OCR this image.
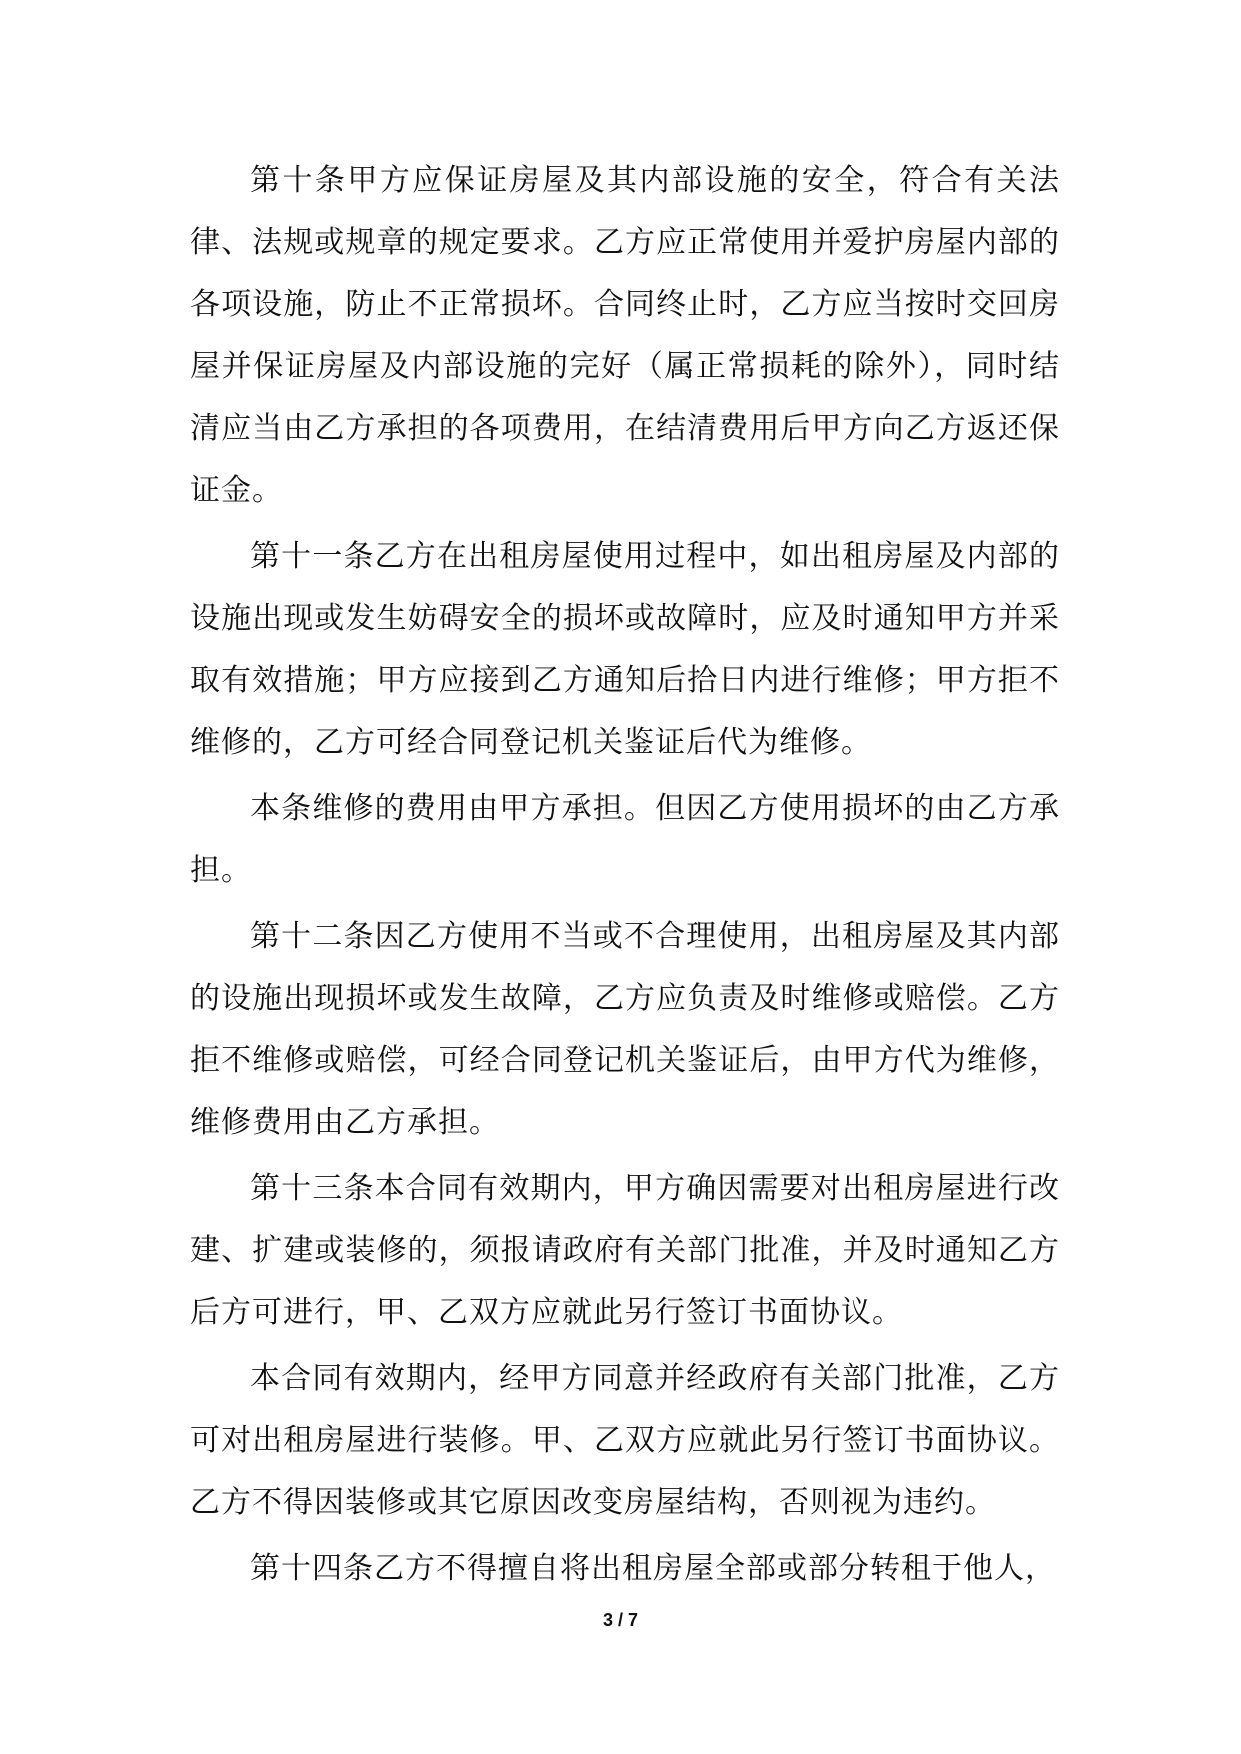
第十条甲方应保证房屋及其内部设施的安全，符合有关法律、法规或规章的规定要求。乙方应正常使用并爱护房屋内部的各项设施，防止不正常损坏。合同终止时，乙方应当按时交回房屋并保证房屋及内部设施的完好（属正常损耗的除外），同时结清应当由乙方承担的各项费用，在结清费用后甲方向乙方返还保证金。

第十一条乙方在出租房屋使用过程中，如出租房屋及内部的设施出现或发生妨碍安全的损坏或故障时，应及时通知甲方并采取有效措施；甲方应接到乙方通知后拾日内进行维修；甲方拒不维修的，乙方可经合同登记机关鉴证后代为维修。

本条维修的费用由甲方承担。但因乙方使用损坏的由乙方承担。

第十二条因乙方使用不当或不合理使用，出租房屋及其内部的设施出现损坏或发生故障，乙方应负责及时维修或赔偿。乙方拒不维修或赔偿，可经合同登记机关鉴证后，由甲方代为维修，维修费用由乙方承担。

第十三条本合同有效期内，甲方确因需要对出租房屋进行改建、扩建或装修的，须报请政府有关部门批准，并及时通知乙方后方可进行，甲、乙双方应就此另行签订书面协议。

本合同有效期内，经甲方同意并经政府有关部门批准，乙方可对出租房屋进行装修。甲、乙双方应就此另行签订书面协议。乙方不得因装修或其它原因改变房屋结构，否则视为违约。

第十四条乙方不得擅自将出租房屋全部或部分转租于他人，

3 / 7
